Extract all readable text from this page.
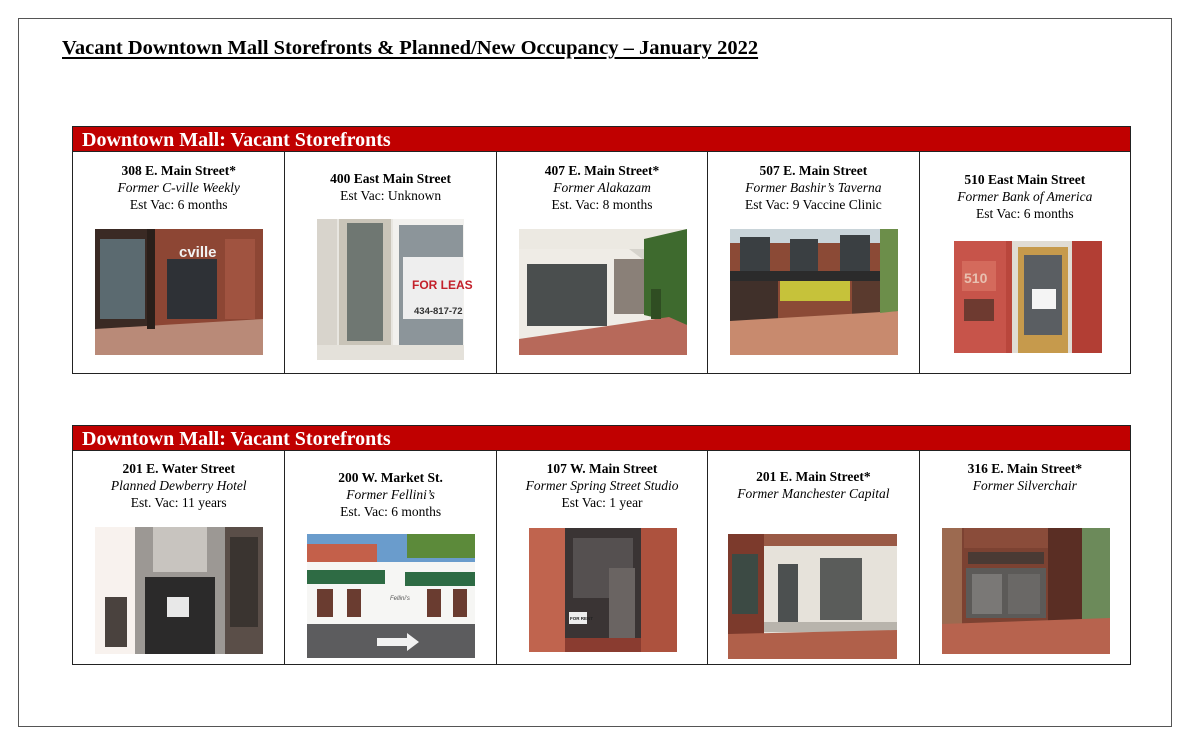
Vacant Downtown Mall Storefronts & Planned/New Occupancy – January 2022
Downtown Mall: Vacant Storefronts
308 E. Main Street*
Former C-ville Weekly
Est Vac: 6 months
cville
400 East Main Street
Est Vac: Unknown
FOR LEAS
434-817-72
407 E. Main Street*
Former Alakazam
Est. Vac: 8 months
507 E. Main Street
Former Bashir’s Taverna
Est Vac: 9 Vaccine Clinic
510 East Main Street
Former Bank of America
Est Vac: 6 months
510
Downtown Mall: Vacant Storefronts
201 E. Water Street
Planned Dewberry Hotel
Est. Vac: 11 years
200 W. Market St.
Former Fellini’s
Est. Vac: 6 months
Fellini's
107 W. Main Street
Former Spring Street Studio
Est Vac: 1 year
FOR RENT
201 E. Main Street*
Former Manchester Capital
316 E. Main Street*
Former Silverchair
